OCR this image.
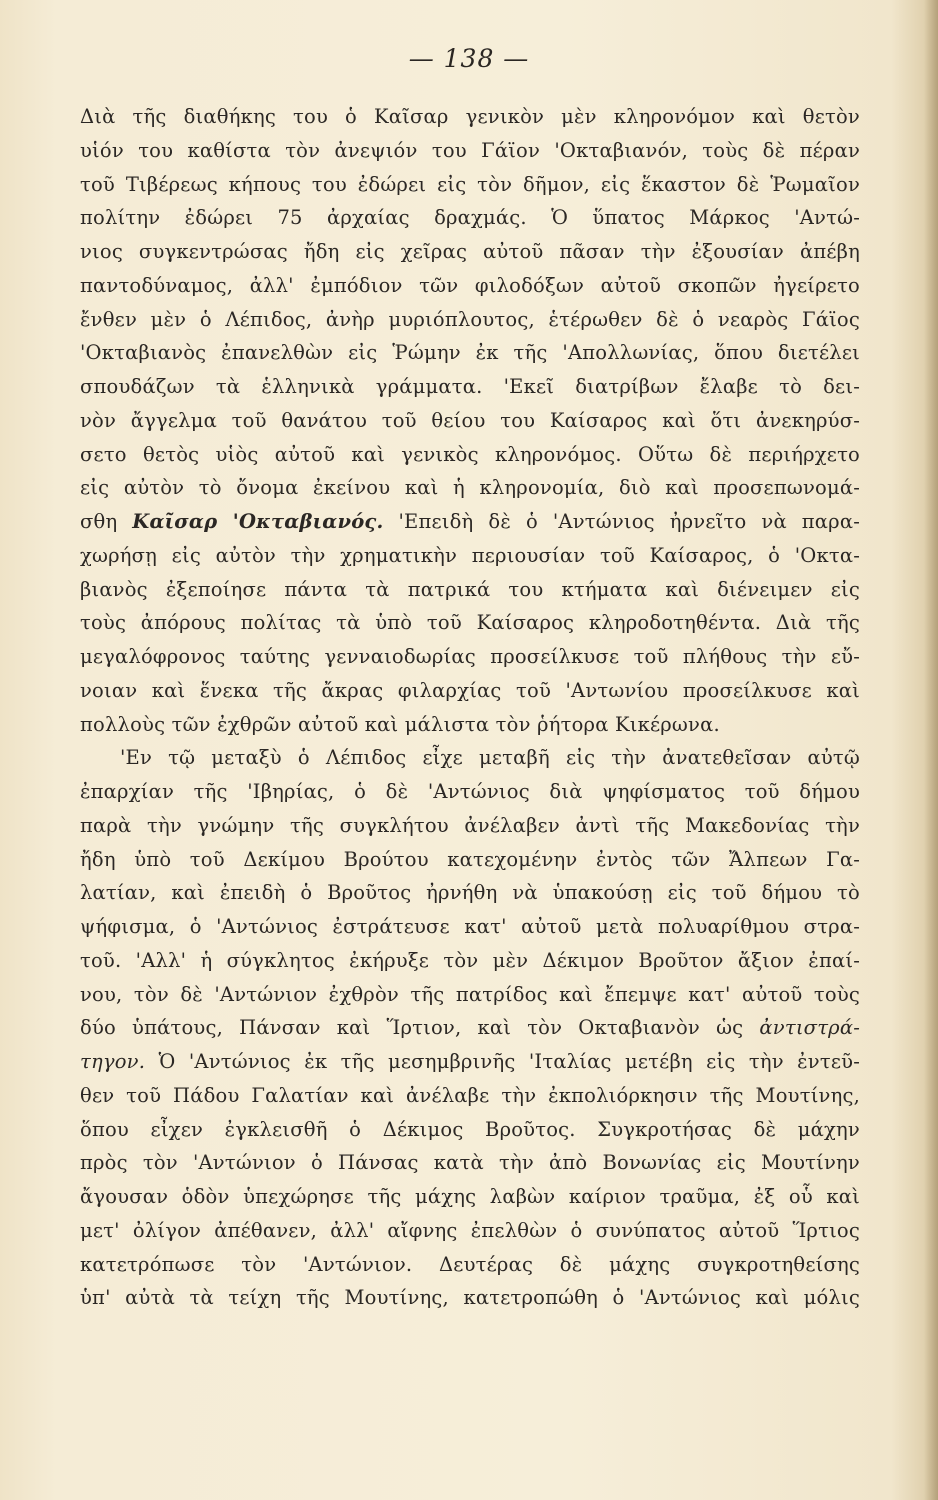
— 138 —
Διὰ τῆς διαθήκης του ὁ Καῖσαρ γενικὸν μὲν κληρονόμον καὶ θετὸν
υἱόν του καθίστα τὸν ἀνεψιόν του Γάϊον 'Οκταβιανόν, τοὺς δὲ πέραν
τοῦ Τιβέρεως κήπους του ἐδώρει εἰς τὸν δῆμον, εἰς ἕκαστον δὲ Ῥωμαῖον
πολίτην ἐδώρει 75 ἀρχαίας δραχμάς. Ὁ ὕπατος Μάρκος 'Αντώ-
νιος συγκεντρώσας ἤδη εἰς χεῖρας αὐτοῦ πᾶσαν τὴν ἐξουσίαν ἀπέβη
παντοδύναμος, ἀλλ' ἐμπόδιον τῶν φιλοδόξων αὐτοῦ σκοπῶν ἠγείρετο
ἔνθεν μὲν ὁ Λέπιδος, ἀνὴρ μυριόπλουτος, ἑτέρωθεν δὲ ὁ νεαρὸς Γάϊος
'Οκταβιανὸς ἐπανελθὼν εἰς Ῥώμην ἐκ τῆς 'Απολλωνίας, ὅπου διετέλει
σπουδάζων τὰ ἑλληνικὰ γράμματα. 'Εκεῖ διατρίβων ἔλαβε τὸ δει-
νὸν ἄγγελμα τοῦ θανάτου τοῦ θείου του Καίσαρος καὶ ὅτι ἀνεκηρύσ-
σετο θετὸς υἱὸς αὐτοῦ καὶ γενικὸς κληρονόμος. Οὕτω δὲ περιήρχετο
εἰς αὐτὸν τὸ ὄνομα ἐκείνου καὶ ἡ κληρονομία, διὸ καὶ προσεπωνομά-
σθη Καῖσαρ 'Οκταβιανός. 'Επειδὴ δὲ ὁ 'Αντώνιος ἠρνεῖτο νὰ παρα-
χωρήσῃ εἰς αὐτὸν τὴν χρηματικὴν περιουσίαν τοῦ Καίσαρος, ὁ 'Οκτα-
βιανὸς ἐξεποίησε πάντα τὰ πατρικά του κτήματα καὶ διένειμεν εἰς
τοὺς ἀπόρους πολίτας τὰ ὑπὸ τοῦ Καίσαρος κληροδοτηθέντα. Διὰ τῆς
μεγαλόφρονος ταύτης γενναιοδωρίας προσείλκυσε τοῦ πλήθους τὴν εὔ-
νοιαν καὶ ἕνεκα τῆς ἄκρας φιλαρχίας τοῦ 'Αντωνίου προσείλκυσε καὶ
πολλοὺς τῶν ἐχθρῶν αὐτοῦ καὶ μάλιστα τὸν ῥήτορα Κικέρωνα.
'Εν τῷ μεταξὺ ὁ Λέπιδος εἶχε μεταβῆ εἰς τὴν ἀνατεθεῖσαν αὐτῷ
ἐπαρχίαν τῆς 'Ιβηρίας, ὁ δὲ 'Αντώνιος διὰ ψηφίσματος τοῦ δήμου
παρὰ τὴν γνώμην τῆς συγκλήτου ἀνέλαβεν ἀντὶ τῆς Μακεδονίας τὴν
ἤδη ὑπὸ τοῦ Δεκίμου Βρούτου κατεχομένην ἐντὸς τῶν Ἄλπεων Γα-
λατίαν, καὶ ἐπειδὴ ὁ Βροῦτος ἠρνήθη νὰ ὑπακούσῃ εἰς τοῦ δήμου τὸ
ψήφισμα, ὁ 'Αντώνιος ἐστράτευσε κατ' αὐτοῦ μετὰ πολυαρίθμου στρα-
τοῦ. 'Αλλ' ἡ σύγκλητος ἐκήρυξε τὸν μὲν Δέκιμον Βροῦτον ἄξιον ἐπαί-
νου, τὸν δὲ 'Αντώνιον ἐχθρὸν τῆς πατρίδος καὶ ἔπεμψε κατ' αὐτοῦ τοὺς
δύο ὑπάτους, Πάνσαν καὶ Ἵρτιον, καὶ τὸν Οκταβιανὸν ὡς ἀντιστρά-
τηγον. Ὁ 'Αντώνιος ἐκ τῆς μεσημβρινῆς 'Ιταλίας μετέβη εἰς τὴν ἐντεῦ-
θεν τοῦ Πάδου Γαλατίαν καὶ ἀνέλαβε τὴν ἐκπολιόρκησιν τῆς Μουτίνης,
ὅπου εἶχεν ἐγκλεισθῆ ὁ Δέκιμος Βροῦτος. Συγκροτήσας δὲ μάχην
πρὸς τὸν 'Αντώνιον ὁ Πάνσας κατὰ τὴν ἀπὸ Βονωνίας εἰς Μουτίνην
ἄγουσαν ὁδὸν ὑπεχώρησε τῆς μάχης λαβὼν καίριον τραῦμα, ἐξ οὗ καὶ
μετ' ὀλίγον ἀπέθανεν, ἀλλ' αἴφνης ἐπελθὼν ὁ συνύπατος αὐτοῦ Ἵρτιος
κατετρόπωσε τὸν 'Αντώνιον. Δευτέρας δὲ μάχης συγκροτηθείσης
ὑπ' αὐτὰ τὰ τείχη τῆς Μουτίνης, κατετροπώθη ὁ 'Αντώνιος καὶ μόλις
